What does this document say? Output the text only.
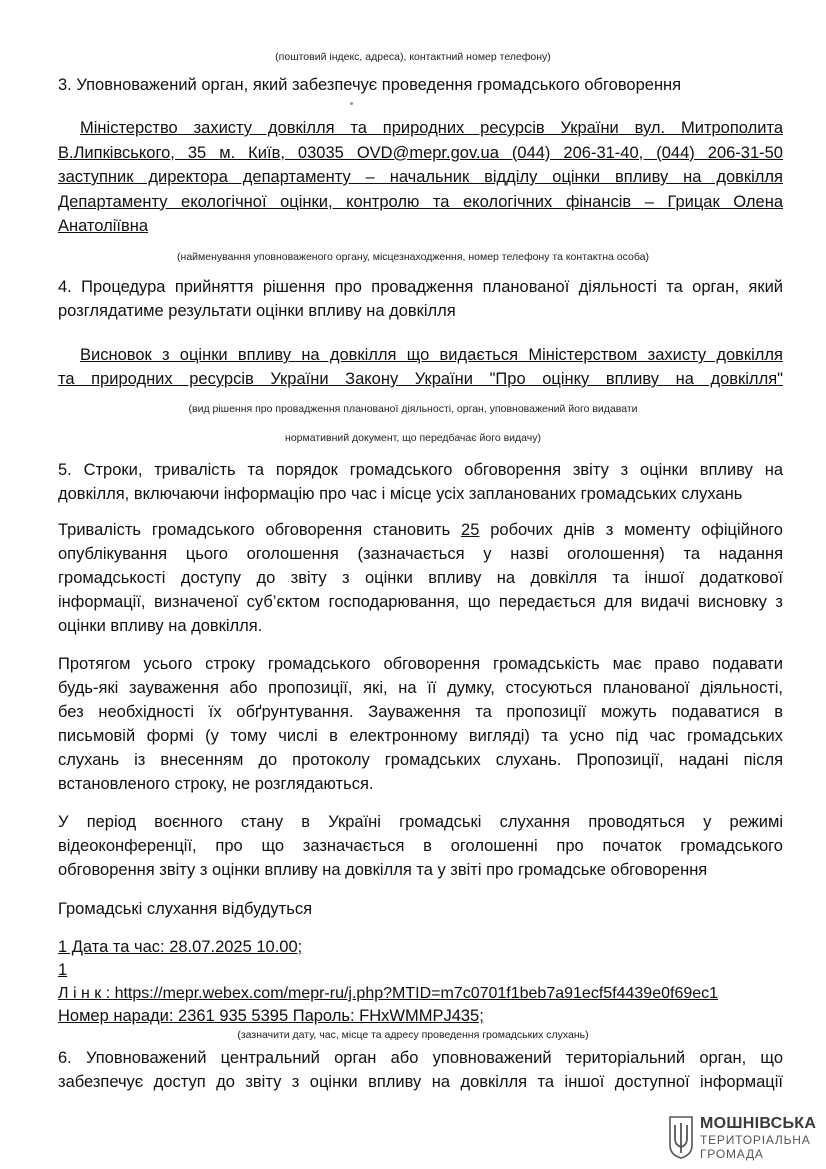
(поштовий індекс, адреса), контактний номер телефону)

3. Уповноважений орган, який забезпечує проведення громадського обговорення

Міністерство захисту довкілля та природних ресурсів України вул. Митрополита
В.Липківського, 35 м. Київ, 03035 OVD@mepr.gov.ua (044) 206-31-40, (044) 206-31-50
заступник директора департаменту – начальник відділу оцінки впливу на довкілля
Департаменту екологічної оцінки, контролю та екологічних фінансів – Грицак Олена
Анатоліївна
(найменування уповноваженого органу, місцезнаходження, номер телефону та контактна особа)
4. Процедура прийняття рішення про провадження планованої діяльності та орган, який
розглядатиме результати оцінки впливу на довкілля
Висновок з оцінки впливу на довкілля що видається Міністерством захисту довкілля
та природних ресурсів України Закону України "Про оцінку впливу на довкілля"
(вид рішення про провадження планованої діяльності, орган, уповноважений його видавати
нормативний документ, що передбачає його видачу)
5. Строки, тривалість та порядок громадського обговорення звіту з оцінки впливу на
довкілля, включаючи інформацію про час і місце усіх запланованих громадських слухань
Тривалість громадського обговорення становить 25 робочих днів з моменту офіційного
опублікування цього оголошення (зазначається у назві оголошення) та надання
громадськості доступу до звіту з оцінки впливу на довкілля та іншої додаткової
інформації, визначеної суб’єктом господарювання, що передається для видачі висновку з
оцінки впливу на довкілля.
Протягом усього строку громадського обговорення громадськість має право подавати
будь-які зауваження або пропозиції, які, на її думку, стосуються планованої діяльності,
без необхідності їх обґрунтування. Зауваження та пропозиції можуть подаватися в
письмовій формі (у тому числі в електронному вигляді) та усно під час громадських
слухань із внесенням до протоколу громадських слухань. Пропозиції, надані після
встановленого строку, не розглядаються.
У період воєнного стану в Україні громадські слухання проводяться у режимі
відеоконференції, про що зазначається в оголошенні про початок громадського
обговорення звіту з оцінки впливу на довкілля та у звіті про громадське обговорення

Громадські слухання відбудуться

1 Дата та час: 28.07.2025 10.00;
1
Л і н к : https://mepr.webex.com/mepr-ru/j.php?MTID=m7c0701f1beb7a91ecf5f4439e0f69ec1
Номер наради: 2361 935 5395 Пароль: FHxWMMPJ435;
(зазначити дату, час, місце та адресу проведення громадських слухань)
6. Уповноважений центральний орган або уповноважений територіальний орган, що
забезпечує доступ до звіту з оцінки впливу на довкілля та іншої доступної інформації
МОШНІВСЬКА
ТЕРИТОРІАЛЬНА
ГРОМАДА
